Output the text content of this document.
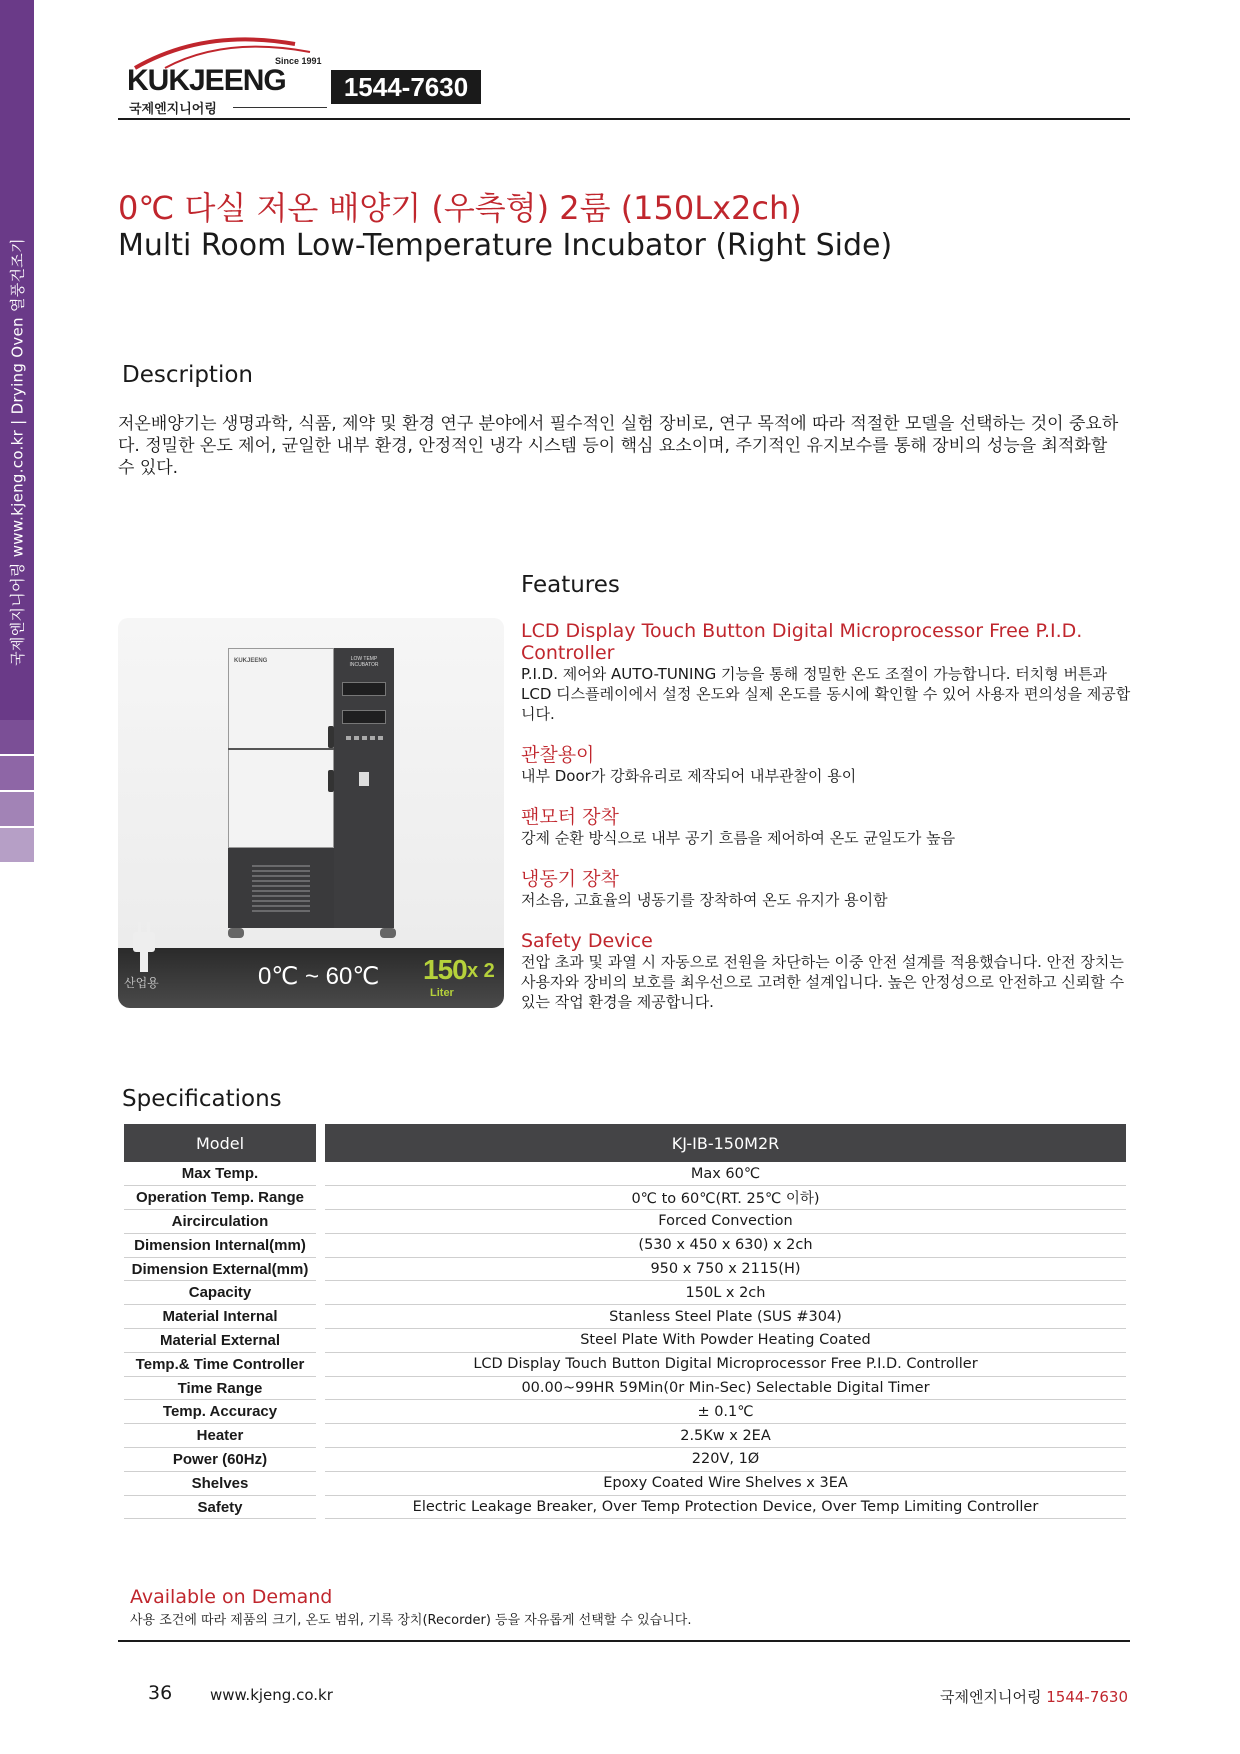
국제엔지니어링 www.kjeng.co.kr | Drying Oven 열풍건조기
Since 1991
KUKJEENG
국제엔지니어링
1544-7630
0℃ 다실 저온 배양기 (우측형) 2룸 (150Lx2ch)
Multi Room Low-Temperature Incubator (Right Side)
Description
저온배양기는 생명과학, 식품, 제약 및 환경 연구 분야에서 필수적인 실험 장비로, 연구 목적에 따라 적절한 모델을 선택하는 것이 중요하다. 정밀한 온도 제어, 균일한 내부 환경, 안정적인 냉각 시스템 등이 핵심 요소이며, 주기적인 유지보수를 통해 장비의 성능을 최적화할 수 있다.
KUKJEENG	LOW TEMP INCUBATOR
산업용	0℃ ~ 60℃ 150 x 2
Liter
Features
LCD Display Touch Button Digital Microprocessor Free P.I.D. Controller
P.I.D. 제어와 AUTO-TUNING 기능을 통해 정밀한 온도 조절이 가능합니다. 터치형 버튼과 LCD 디스플레이에서 설정 온도와 실제 온도를 동시에 확인할 수 있어 사용자 편의성을 제공합니다.
관찰용이
내부 Door가 강화유리로 제작되어 내부관찰이 용이
팬모터 장착
강제 순환 방식으로 내부 공기 흐름을 제어하여 온도 균일도가 높음
냉동기 장착
저소음, 고효율의 냉동기를 장착하여 온도 유지가 용이함
Safety Device
전압 초과 및 과열 시 자동으로 전원을 차단하는 이중 안전 설계를 적용했습니다. 안전 장치는 사용자와 장비의 보호를 최우선으로 고려한 설계입니다. 높은 안정성으로 안전하고 신뢰할 수 있는 작업 환경을 제공합니다.
Specifications
Model		KJ-IB-150M2R
Max Temp.		Max 60℃
Operation Temp. Range		0℃ to 60℃(RT. 25℃ 이하)
Aircirculation		Forced Convection
Dimension Internal(mm)		(530 x 450 x 630) x 2ch
Dimension External(mm)		950 x 750 x 2115(H)
Capacity		150L x 2ch
Material Internal		Stanless Steel Plate (SUS #304)
Material External		Steel Plate With Powder Heating Coated
Temp.& Time Controller		LCD Display Touch Button Digital Microprocessor Free P.I.D. Controller
Time Range		00.00~99HR 59Min(0r Min-Sec) Selectable Digital Timer
Temp. Accuracy		± 0.1℃
Heater		2.5Kw x 2EA
Power (60Hz)		220V, 1Ø
Shelves		Epoxy Coated Wire Shelves x 3EA
Safety		Electric Leakage Breaker, Over Temp Protection Device, Over Temp Limiting Controller
Available on Demand
사용 조건에 따라 제품의 크기, 온도 범위, 기록 장치(Recorder) 등을 자유롭게 선택할 수 있습니다.
36	www.kjeng.co.kr	국제엔지니어링 1544-7630
